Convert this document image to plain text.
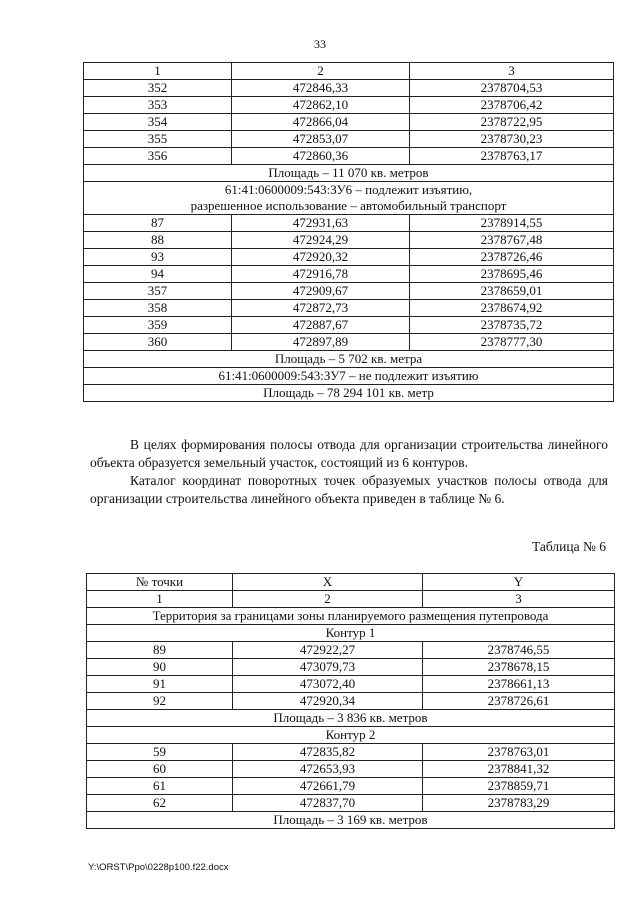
33
1	2	3
352	472846,33	2378704,53
353	472862,10	2378706,42
354	472866,04	2378722,95
355	472853,07	2378730,23
356	472860,36	2378763,17
Площадь – 11 070 кв. метров		
61:41:0600009:543:ЗУ6 – подлежит изъятию,
разрешенное использование – автомобильный транспорт		
87	472931,63	2378914,55
88	472924,29	2378767,48
93	472920,32	2378726,46
94	472916,78	2378695,46
357	472909,67	2378659,01
358	472872,73	2378674,92
359	472887,67	2378735,72
360	472897,89	2378777,30
Площадь – 5 702 кв. метра		
61:41:0600009:543:ЗУ7 – не подлежит изъятию		
Площадь – 78 294 101 кв. метр		

В целях формирования полосы отвода для организации строительства линейного объекта образуется земельный участок, состоящий из 6 контуров.

Каталог координат поворотных точек образуемых участков полосы отвода для организации строительства линейного объекта приведен в таблице № 6.

Таблица № 6
№ точки	X	Y
1	2	3
Территория за границами зоны планируемого размещения путепровода		
Контур 1		
89	472922,27	2378746,55
90	473079,73	2378678,15
91	473072,40	2378661,13
92	472920,34	2378726,61
Площадь – 3 836 кв. метров		
Контур 2		
59	472835,82	2378763,01
60	472653,93	2378841,32
61	472661,79	2378859,71
62	472837,70	2378783,29
Площадь – 3 169 кв. метров		
Y:\ORST\Ppo\0228p100.f22.docx
